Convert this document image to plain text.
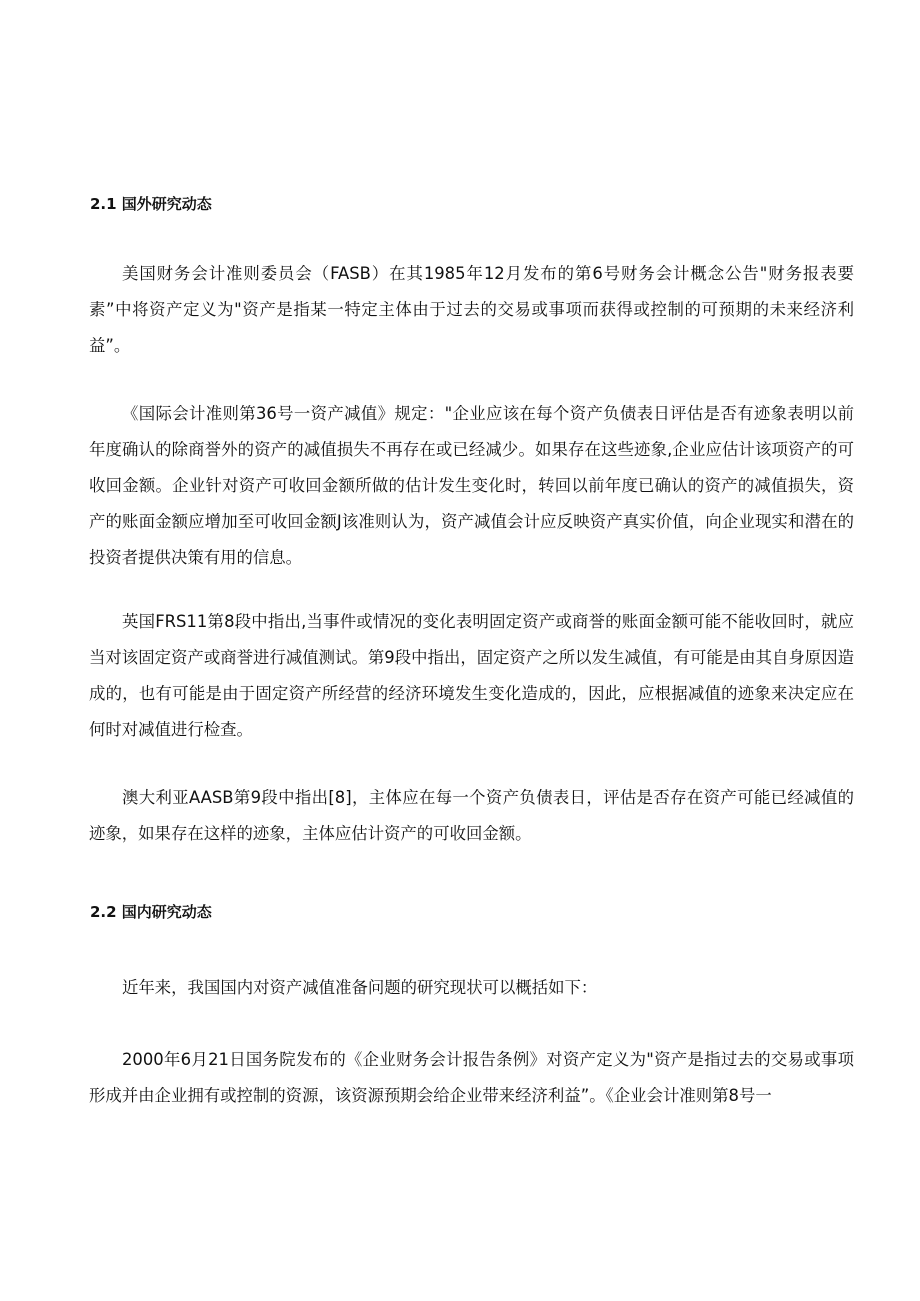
2.1 国外研究动态

美国财务会计准则委员会（FASB）在其1985年12月发布的第6号财务会计概念公告"财务报表要素”中将资产定义为"资产是指某一特定主体由于过去的交易或事项而获得或控制的可预期的未来经济利益”。

《国际会计准则第36号一资产减值》规定："企业应该在每个资产负债表日评估是否有迹象表明以前年度确认的除商誉外的资产的减值损失不再存在或已经减少。如果存在这些迹象,企业应估计该项资产的可收回金额。企业针对资产可收回金额所做的估计发生变化时，转回以前年度已确认的资产的减值损失，资产的账面金额应增加至可收回金额J该准则认为，资产减值会计应反映资产真实价值，向企业现实和潜在的投资者提供决策有用的信息。

英国FRS11第8段中指出,当事件或情况的变化表明固定资产或商誉的账面金额可能不能收回时，就应当对该固定资产或商誉进行减值测试。第9段中指出，固定资产之所以发生减值，有可能是由其自身原因造成的，也有可能是由于固定资产所经营的经济环境发生变化造成的，因此，应根据减值的迹象来决定应在何时对减值进行检查。

澳大利亚AASB第9段中指出[8]，主体应在每一个资产负债表日，评估是否存在资产可能已经减值的迹象，如果存在这样的迹象，主体应估计资产的可收回金额。

2.2 国内研究动态

近年来，我国国内对资产减值准备问题的研究现状可以概括如下：

2000年6月21日国务院发布的《企业财务会计报告条例》对资产定义为"资产是指过去的交易或事项形成并由企业拥有或控制的资源，该资源预期会给企业带来经济利益”。《企业会计准则第8号一
